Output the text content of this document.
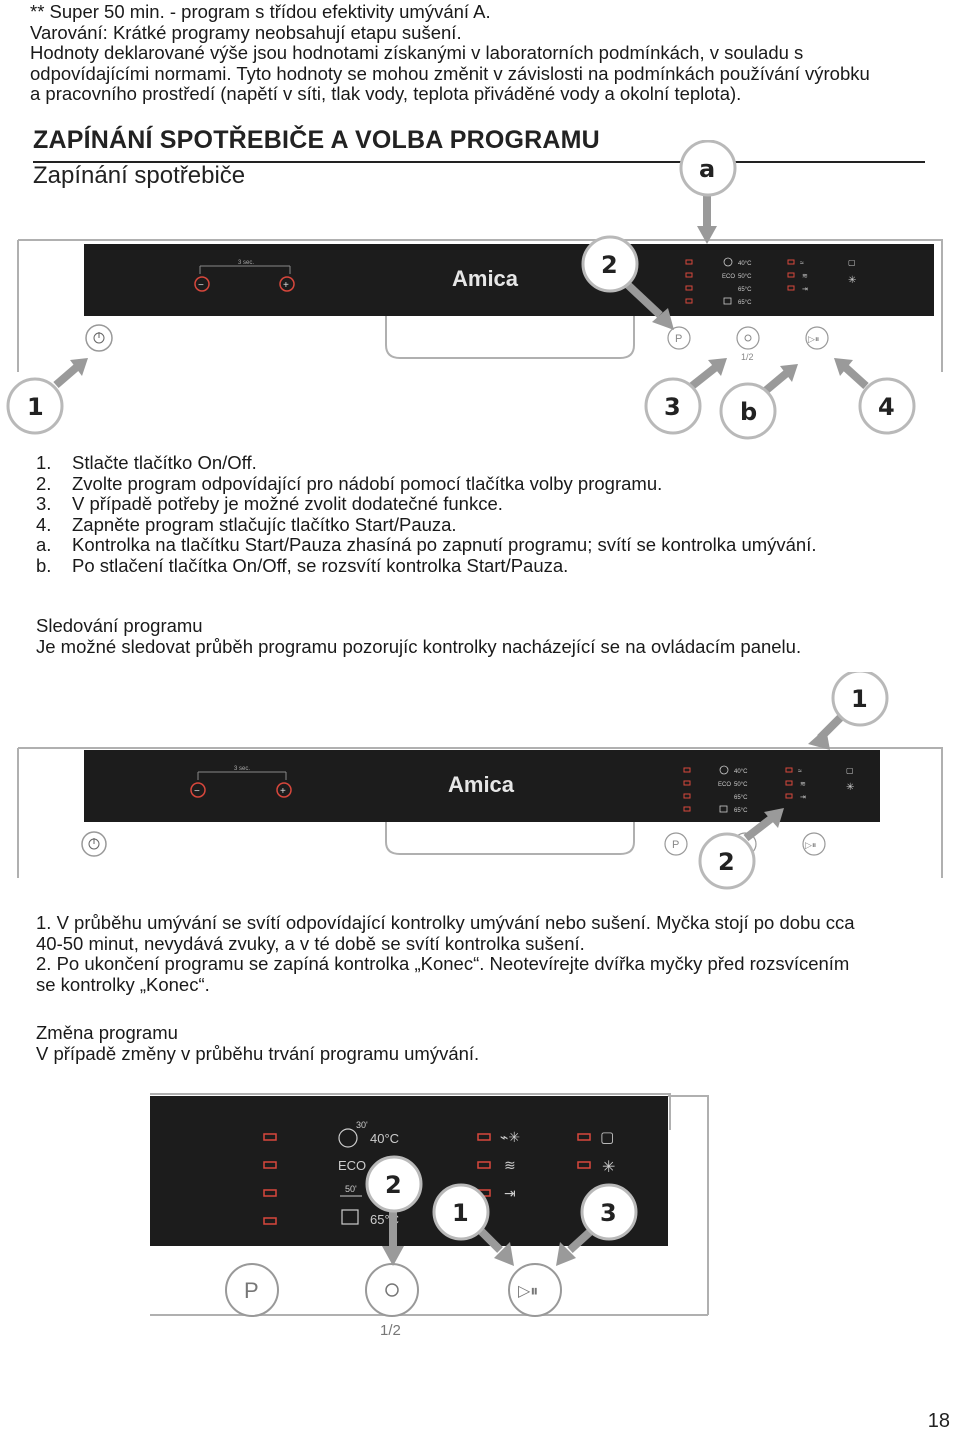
** Super 50 min. - program s třídou efektivity umývání A.
Varování: Krátké programy neobsahují etapu sušení.
Hodnoty deklarované výše jsou hodnotami získanými v laboratorních podmínkách, v souladu s
odpovídajícími normami. Tyto hodnoty se mohou změnit v závislosti na podmínkách používání výrobku
a pracovního prostředí (napětí v síti, tlak vody, teplota přiváděné vody a okolní teplota).
ZAPÍNÁNÍ SPOTŘEBIČE A VOLBA PROGRAMU
Zapínání spotřebiče
3 sec.
−	+	Amica
40°C
ECO 50°C
65°C
65°C
≈
≋
⇥
▢
✳
P
1/2
▷⏸
a
2
1	3 b	4
1. Stlačte tlačítko On/Off.
2. Zvolte program odpovídající pro nádobí pomocí tlačítka volby programu.
3. V případě potřeby je možné zvolit dodatečné funkce.
4. Zapněte program stlačujíc tlačítko Start/Pauza.
a. Kontrolka na tlačítku Start/Pauza zhasíná po zapnutí programu; svítí se kontrolka umývání.
b. Po stlačení tlačítka On/Off, se rozsvítí kontrolka Start/Pauza.
Sledování programu
Je možné sledovat průběh programu pozorujíc kontrolky nacházející se na ovládacím panelu.
3 sec.
−	+	Amica	40°C
ECO 50°C
65°C
65°C
≈
≋
⇥
▢
✳
P	▷⏸
1
2
1. V průběhu umývání se svítí odpovídající kontrolky umývání nebo sušení. Myčka stojí po dobu cca
40-50 minut, nevydává zvuky, a v té době se svítí kontrolka sušení.
2. Po ukončení programu se zapíná kontrolka „Konec“. Neotevírejte dvířka myčky před rozsvícením
se kontrolky „Konec“.
Změna programu
V případě změny v průběhu trvání programu umývání.
30'
40°C
ECO
50'
65°C
⌁✳
≋
⇥
▢
✳
P
1/2
▷⏸
2
1	3
18
